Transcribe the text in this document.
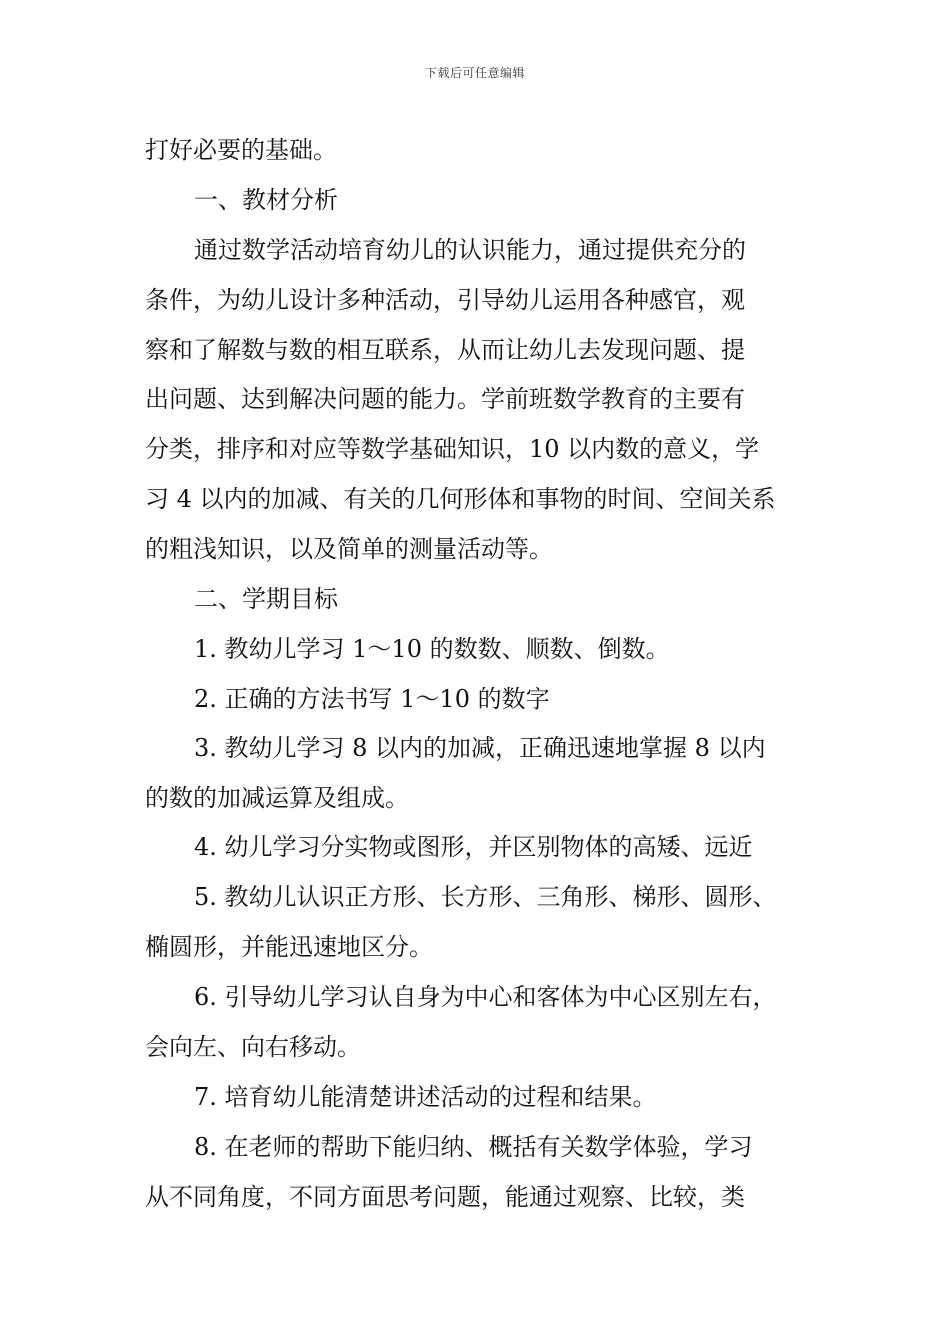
下载后可任意编辑
打好必要的基础。
一、教材分析
通过数学活动培育幼儿的认识能力，通过提供充分的
条件，为幼儿设计多种活动，引导幼儿运用各种感官，观
察和了解数与数的相互联系，从而让幼儿去发现问题、提
出问题、达到解决问题的能力。学前班数学教育的主要有
分类，排序和对应等数学基础知识，10 以内数的意义，学
习 4 以内的加减、有关的几何形体和事物的时间、空间关系
的粗浅知识，以及简单的测量活动等。
二、学期目标
1. 教幼儿学习 1～10 的数数、顺数、倒数。
2. 正确的方法书写 1～10 的数字
3. 教幼儿学习 8 以内的加减，正确迅速地掌握 8 以内
的数的加减运算及组成。
4. 幼儿学习分实物或图形，并区别物体的高矮、远近
5. 教幼儿认识正方形、长方形、三角形、梯形、圆形、
椭圆形，并能迅速地区分。
6. 引导幼儿学习认自身为中心和客体为中心区别左右，
会向左、向右移动。
7. 培育幼儿能清楚讲述活动的过程和结果。
8. 在老师的帮助下能归纳、概括有关数学体验，学习
从不同角度，不同方面思考问题，能通过观察、比较，类
